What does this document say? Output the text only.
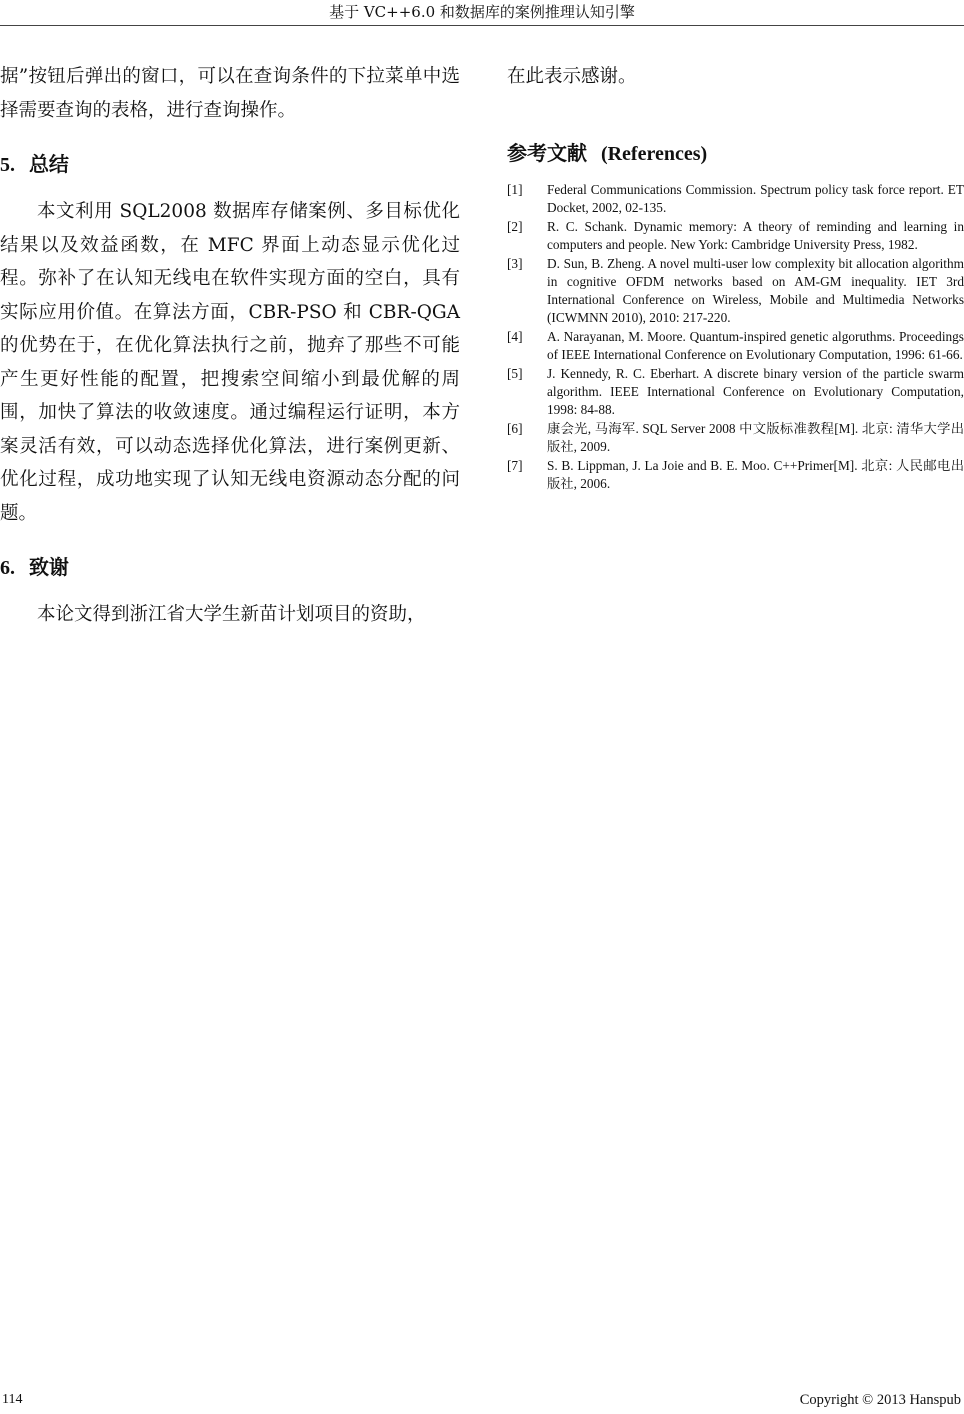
基于 VC++6.0 和数据库的案例推理认知引擎

据”按钮后弹出的窗口，可以在查询条件的下拉菜单中选择需要查询的表格，进行查询操作。

5. 总结

本文利用 SQL2008 数据库存储案例、多目标优化结果以及效益函数，在 MFC 界面上动态显示优化过程。弥补了在认知无线电在软件实现方面的空白，具有实际应用价值。在算法方面，CBR-PSO 和 CBR-QGA 的优势在于，在优化算法执行之前，抛弃了那些不可能产生更好性能的配置，把搜索空间缩小到最优解的周围，加快了算法的收敛速度。通过编程运行证明，本方案灵活有效，可以动态选择优化算法，进行案例更新、优化过程，成功地实现了认知无线电资源动态分配的问题。

6. 致谢

本论文得到浙江省大学生新苗计划项目的资助，

在此表示感谢。

参考文献 (References)
[1] Federal Communications Commission. Spectrum policy task force report. ET Docket, 2002, 02-135.
[2] R. C. Schank. Dynamic memory: A theory of reminding and learning in computers and people. New York: Cambridge University Press, 1982.
[3] D. Sun, B. Zheng. A novel multi-user low complexity bit allocation algorithm in cognitive OFDM networks based on AM-GM inequality. IET 3rd International Conference on Wireless, Mobile and Multimedia Networks (ICWMNN 2010), 2010: 217-220.
[4] A. Narayanan, M. Moore. Quantum-inspired genetic algoruthms. Proceedings of IEEE International Conference on Evolutionary Computation, 1996: 61-66.
[5] J. Kennedy, R. C. Eberhart. A discrete binary version of the particle swarm algorithm. IEEE International Conference on Evolutionary Computation, 1998: 84-88.
[6] 康会光, 马海军. SQL Server 2008 中文版标准教程[M]. 北京: 清华大学出版社, 2009.
[7] S. B. Lippman, J. La Joie and B. E. Moo. C++Primer[M]. 北京: 人民邮电出版社, 2006.
114	Copyright © 2013 Hanspub
